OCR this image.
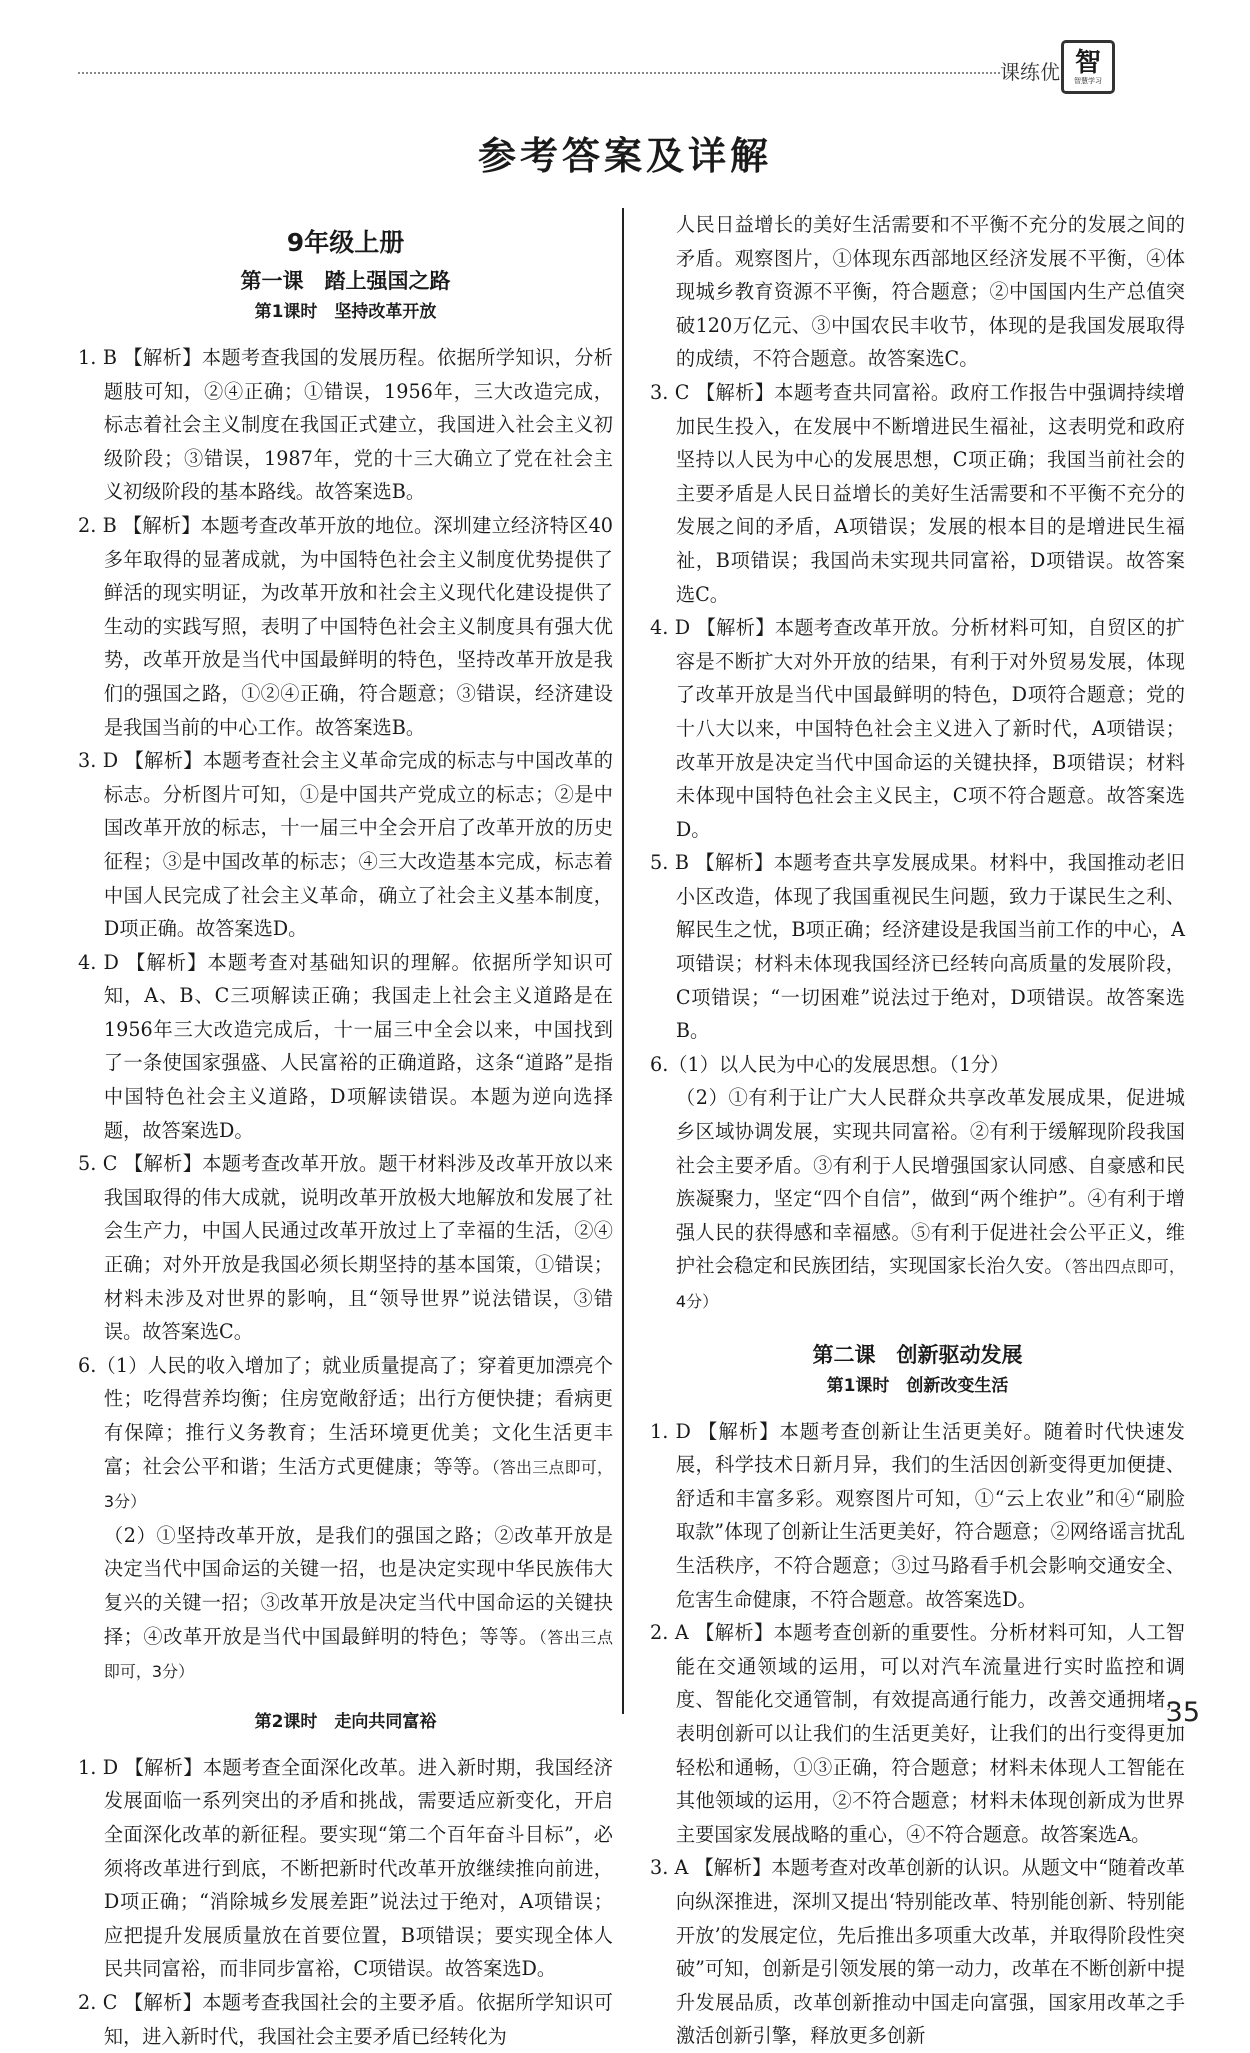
课练优 智
智慧学习
参考答案及详解
9年级上册
第一课　踏上强国之路
第1课时　坚持改革开放

1. B 【解析】本题考查我国的发展历程。依据所学知识，分析题肢可知，②④正确；①错误，1956年，三大改造完成，标志着社会主义制度在我国正式建立，我国进入社会主义初级阶段；③错误，1987年，党的十三大确立了党在社会主义初级阶段的基本路线。故答案选B。

2. B 【解析】本题考查改革开放的地位。深圳建立经济特区40多年取得的显著成就，为中国特色社会主义制度优势提供了鲜活的现实明证，为改革开放和社会主义现代化建设提供了生动的实践写照，表明了中国特色社会主义制度具有强大优势，改革开放是当代中国最鲜明的特色，坚持改革开放是我们的强国之路，①②④正确，符合题意；③错误，经济建设是我国当前的中心工作。故答案选B。

3. D 【解析】本题考查社会主义革命完成的标志与中国改革的标志。分析图片可知，①是中国共产党成立的标志；②是中国改革开放的标志，十一届三中全会开启了改革开放的历史征程；③是中国改革的标志；④三大改造基本完成，标志着中国人民完成了社会主义革命，确立了社会主义基本制度，D项正确。故答案选D。

4. D 【解析】本题考查对基础知识的理解。依据所学知识可知，A、B、C三项解读正确；我国走上社会主义道路是在1956年三大改造完成后，十一届三中全会以来，中国找到了一条使国家强盛、人民富裕的正确道路，这条“道路”是指中国特色社会主义道路，D项解读错误。本题为逆向选择题，故答案选D。

5. C 【解析】本题考查改革开放。题干材料涉及改革开放以来我国取得的伟大成就，说明改革开放极大地解放和发展了社会生产力，中国人民通过改革开放过上了幸福的生活，②④正确；对外开放是我国必须长期坚持的基本国策，①错误；材料未涉及对世界的影响，且“领导世界”说法错误，③错误。故答案选C。

6.（1）人民的收入增加了；就业质量提高了；穿着更加漂亮个性；吃得营养均衡；住房宽敞舒适；出行方便快捷；看病更有保障；推行义务教育；生活环境更优美；文化生活更丰富；社会公平和谐；生活方式更健康；等等。（答出三点即可，3分）

（2）①坚持改革开放，是我们的强国之路；②改革开放是决定当代中国命运的关键一招，也是决定实现中华民族伟大复兴的关键一招；③改革开放是决定当代中国命运的关键抉择；④改革开放是当代中国最鲜明的特色；等等。（答出三点即可，3分）

第2课时　走向共同富裕

1. D 【解析】本题考查全面深化改革。进入新时期，我国经济发展面临一系列突出的矛盾和挑战，需要适应新变化，开启全面深化改革的新征程。要实现“第二个百年奋斗目标”，必须将改革进行到底，不断把新时代改革开放继续推向前进，D项正确；“消除城乡发展差距”说法过于绝对，A项错误；应把提升发展质量放在首要位置，B项错误；要实现全体人民共同富裕，而非同步富裕，C项错误。故答案选D。

2. C 【解析】本题考查我国社会的主要矛盾。依据所学知识可知，进入新时代，我国社会主要矛盾已经转化为

人民日益增长的美好生活需要和不平衡不充分的发展之间的矛盾。观察图片，①体现东西部地区经济发展不平衡，④体现城乡教育资源不平衡，符合题意；②中国国内生产总值突破120万亿元、③中国农民丰收节，体现的是我国发展取得的成绩，不符合题意。故答案选C。

3. C 【解析】本题考查共同富裕。政府工作报告中强调持续增加民生投入，在发展中不断增进民生福祉，这表明党和政府坚持以人民为中心的发展思想，C项正确；我国当前社会的主要矛盾是人民日益增长的美好生活需要和不平衡不充分的发展之间的矛盾，A项错误；发展的根本目的是增进民生福祉，B项错误；我国尚未实现共同富裕，D项错误。故答案选C。

4. D 【解析】本题考查改革开放。分析材料可知，自贸区的扩容是不断扩大对外开放的结果，有利于对外贸易发展，体现了改革开放是当代中国最鲜明的特色，D项符合题意；党的十八大以来，中国特色社会主义进入了新时代，A项错误；改革开放是决定当代中国命运的关键抉择，B项错误；材料未体现中国特色社会主义民主，C项不符合题意。故答案选D。

5. B 【解析】本题考查共享发展成果。材料中，我国推动老旧小区改造，体现了我国重视民生问题，致力于谋民生之利、解民生之忧，B项正确；经济建设是我国当前工作的中心，A项错误；材料未体现我国经济已经转向高质量的发展阶段，C项错误；“一切困难”说法过于绝对，D项错误。故答案选B。

6.（1）以人民为中心的发展思想。（1分）

（2）①有利于让广大人民群众共享改革发展成果，促进城乡区域协调发展，实现共同富裕。②有利于缓解现阶段我国社会主要矛盾。③有利于人民增强国家认同感、自豪感和民族凝聚力，坚定“四个自信”，做到“两个维护”。④有利于增强人民的获得感和幸福感。⑤有利于促进社会公平正义，维护社会稳定和民族团结，实现国家长治久安。（答出四点即可，4分）

第二课　创新驱动发展
第1课时　创新改变生活

1. D 【解析】本题考查创新让生活更美好。随着时代快速发展，科学技术日新月异，我们的生活因创新变得更加便捷、舒适和丰富多彩。观察图片可知，①“云上农业”和④“刷脸取款”体现了创新让生活更美好，符合题意；②网络谣言扰乱生活秩序，不符合题意；③过马路看手机会影响交通安全、危害生命健康，不符合题意。故答案选D。

2. A 【解析】本题考查创新的重要性。分析材料可知，人工智能在交通领域的运用，可以对汽车流量进行实时监控和调度、智能化交通管制，有效提高通行能力，改善交通拥堵，表明创新可以让我们的生活更美好，让我们的出行变得更加轻松和通畅，①③正确，符合题意；材料未体现人工智能在其他领域的运用，②不符合题意；材料未体现创新成为世界主要国家发展战略的重心，④不符合题意。故答案选A。

3. A 【解析】本题考查对改革创新的认识。从题文中“随着改革向纵深推进，深圳又提出‘特别能改革、特别能创新、特别能开放’的发展定位，先后推出多项重大改革，并取得阶段性突破”可知，创新是引领发展的第一动力，改革在不断创新中提升发展品质，改革创新推动中国走向富强，国家用改革之手激活创新引擎，释放更多创新

35
